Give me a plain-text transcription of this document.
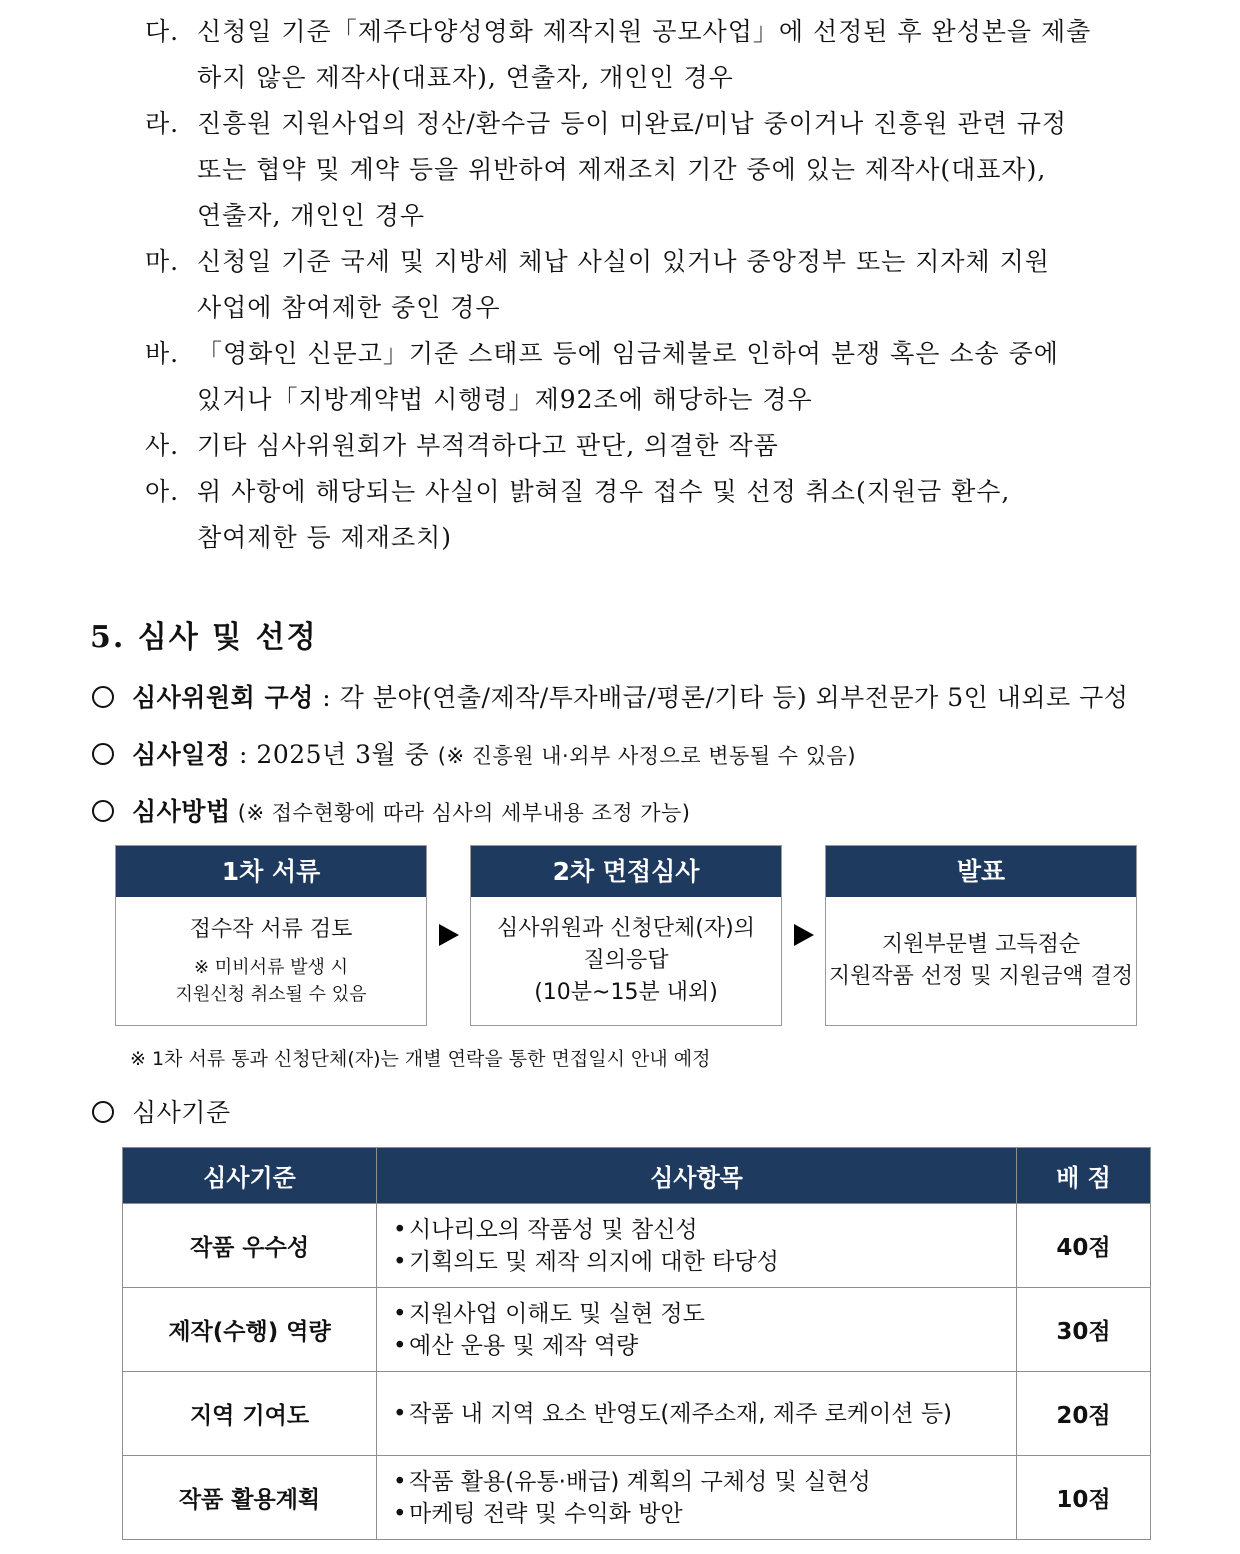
다. 신청일 기준「제주다양성영화 제작지원 공모사업」에 선정된 후 완성본을 제출
하지 않은 제작사(대표자), 연출자, 개인인 경우
라. 진흥원 지원사업의 정산/환수금 등이 미완료/미납 중이거나 진흥원 관련 규정
또는 협약 및 계약 등을 위반하여 제재조치 기간 중에 있는 제작사(대표자),
연출자, 개인인 경우
마. 신청일 기준 국세 및 지방세 체납 사실이 있거나 중앙정부 또는 지자체 지원
사업에 참여제한 중인 경우
바. 「영화인 신문고」기준 스태프 등에 임금체불로 인하여 분쟁 혹은 소송 중에
있거나「지방계약법 시행령」제92조에 해당하는 경우
사. 기타 심사위원회가 부적격하다고 판단, 의결한 작품
아. 위 사항에 해당되는 사실이 밝혀질 경우 접수 및 선정 취소(지원금 환수,
참여제한 등 제재조치)
5. 심사 및 선정
심사위원회 구성 : 각 분야(연출/제작/투자배급/평론/기타 등) 외부전문가 5인 내외로 구성
심사일정 : 2025년 3월 중 (※ 진흥원 내·외부 사정으로 변동될 수 있음)
심사방법 (※ 접수현황에 따라 심사의 세부내용 조정 가능)
1차 서류
접수작 서류 검토
※ 미비서류 발생 시
지원신청 취소될 수 있음
2차 면접심사
심사위원과 신청단체(자)의
질의응답
(10분~15분 내외)
발표
지원부문별 고득점순
지원작품 선정 및 지원금액 결정
※ 1차 서류 통과 신청단체(자)는 개별 연락을 통한 면접일시 안내 예정
심사기준
심사기준	심사항목	배 점
작품 우수성	• 시나리오의 작품성 및 참신성
• 기획의도 및 제작 의지에 대한 타당성	40점
제작(수행) 역량	• 지원사업 이해도 및 실현 정도
• 예산 운용 및 제작 역량	30점
지역 기여도	• 작품 내 지역 요소 반영도(제주소재, 제주 로케이션 등)	20점
작품 활용계획	• 작품 활용(유통·배급) 계획의 구체성 및 실현성
• 마케팅 전략 및 수익화 방안	10점
